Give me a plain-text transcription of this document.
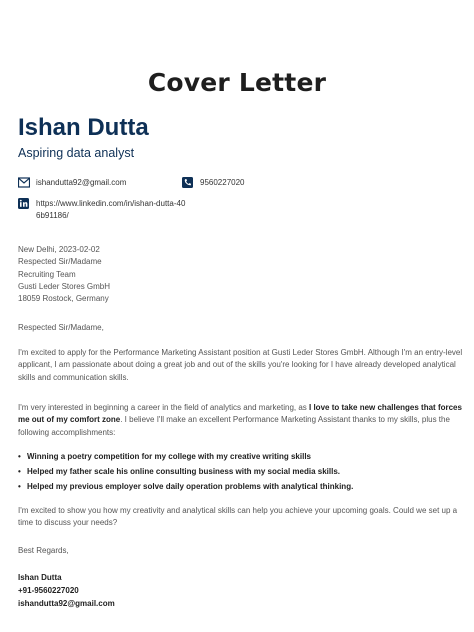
Cover Letter
Ishan Dutta
Aspiring data analyst
ishandutta92@gmail.com	9560227020
https://www.linkedin.com/in/ishan-dutta-406b91186/
New Delhi, 2023-02-02
Respected Sir/Madame
Recruiting Team
Gusti Leder Stores GmbH
18059 Rostock, Germany
Respected Sir/Madame,
I'm excited to apply for the Performance Marketing Assistant position at Gusti Leder Stores GmbH. Although I'm an entry-level applicant, I am passionate about doing a great job and out of the skills you're looking for I have already developed analytical skills and communication skills.
I'm very interested in beginning a career in the field of analytics and marketing, as I love to take new challenges that forces me out of my comfort zone. I believe I'll make an excellent Performance Marketing Assistant thanks to my skills, plus the following accomplishments:
• Winning a poetry competition for my college with my creative writing skills
• Helped my father scale his online consulting business with my social media skills.
• Helped my previous employer solve daily operation problems with analytical thinking.
I'm excited to show you how my creativity and analytical skills can help you achieve your upcoming goals. Could we set up a time to discuss your needs?
Best Regards,
Ishan Dutta
+91-9560227020
ishandutta92@gmail.com
